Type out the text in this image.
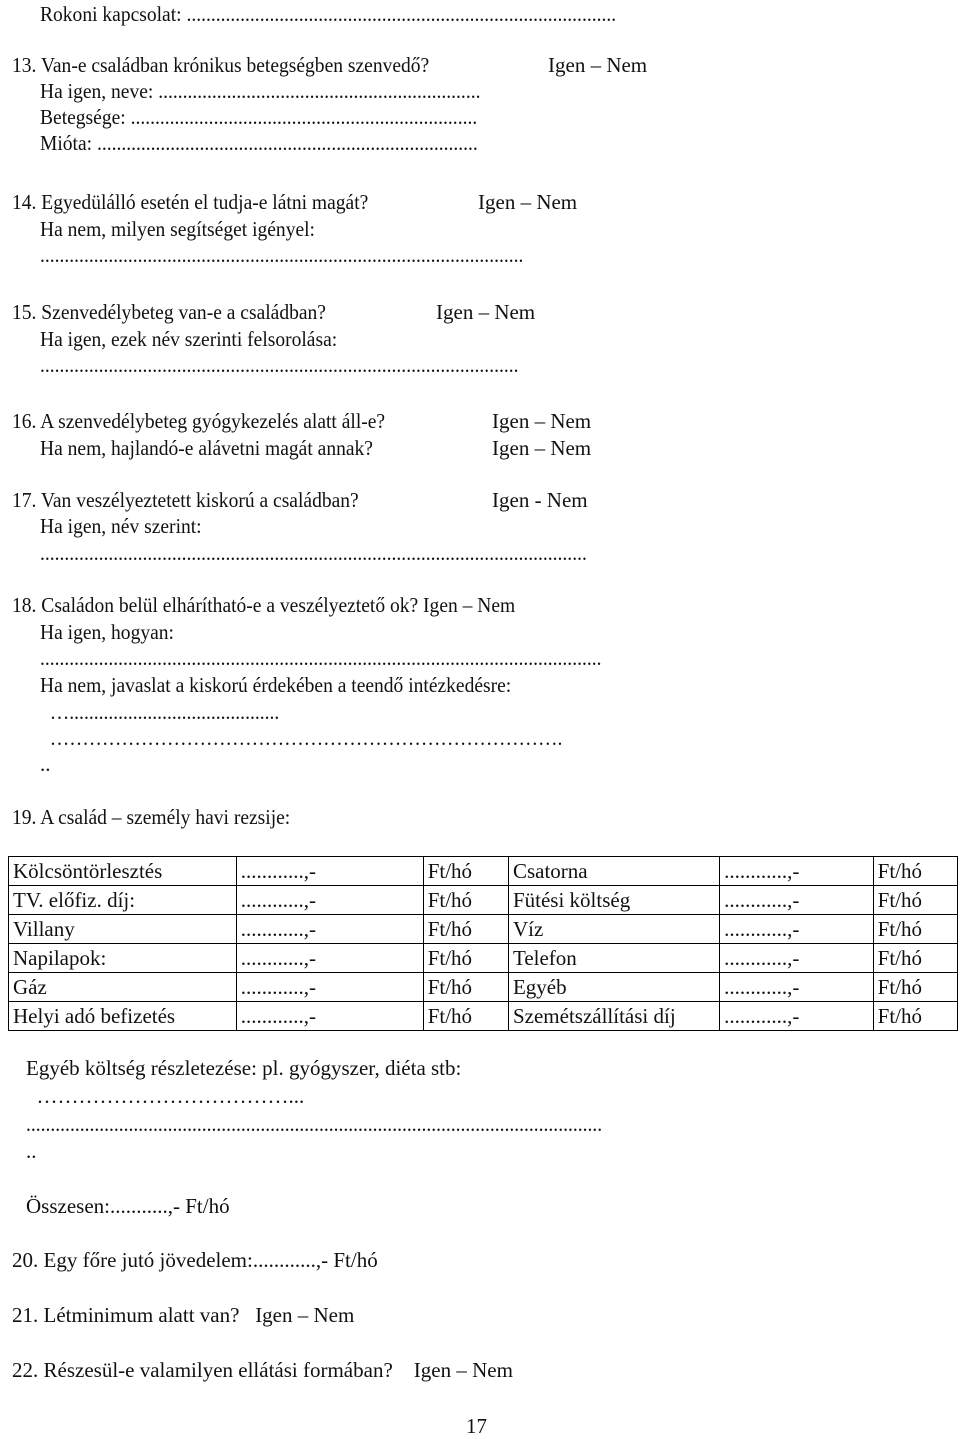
Rokoni kapcsolat: ........................................................................................
13. Van-e családban krónikus betegségben szenvedő?	Igen – Nem
Ha igen, neve: ..................................................................
Betegsége: .......................................................................
Mióta: ..............................................................................
14. Egyedülálló esetén el tudja-e látni magát?	Igen – Nem
Ha nem, milyen segítséget igényel:
...................................................................................................
15. Szenvedélybeteg van-e a családban?	Igen – Nem
Ha igen, ezek név szerinti felsorolása:
..................................................................................................
16. A szenvedélybeteg gyógykezelés alatt áll-e?	Igen – Nem
Ha nem, hajlandó-e alávetni magát annak?	Igen – Nem
17. Van veszélyeztetett kiskorú a családban?	Igen - Nem
Ha igen, név szerint:
................................................................................................................
18. Családon belül elhárítható-e a veszélyeztető ok? Igen – Nem
Ha igen, hogyan:
...................................................................................................................
Ha nem, javaslat a kiskorú érdekében a teendő intézkedésre:
…...........................................
…………………………………………………………………….
..
19. A család – személy havi rezsije:
Kölcsöntörlesztés	............,-	Ft/hó	Csatorna	............,-	Ft/hó
TV. előfiz. díj:	............,-	Ft/hó	Fütési költség	............,-	Ft/hó
Villany	............,-	Ft/hó	Víz	............,-	Ft/hó
Napilapok:	............,-	Ft/hó	Telefon	............,-	Ft/hó
Gáz	............,-	Ft/hó	Egyéb	............,-	Ft/hó
Helyi adó befizetés	............,-	Ft/hó	Szemétszállítási díj	............,-	Ft/hó
Egyéb költség részletezése: pl. gyógyszer, diéta stb:
………………………………...
......................................................................................................................
..
Összesen:...........,- Ft/hó
20. Egy főre jutó jövedelem:............,- Ft/hó
21. Létminimum alatt van?   Igen – Nem
22. Részesül-e valamilyen ellátási formában?    Igen – Nem
17
